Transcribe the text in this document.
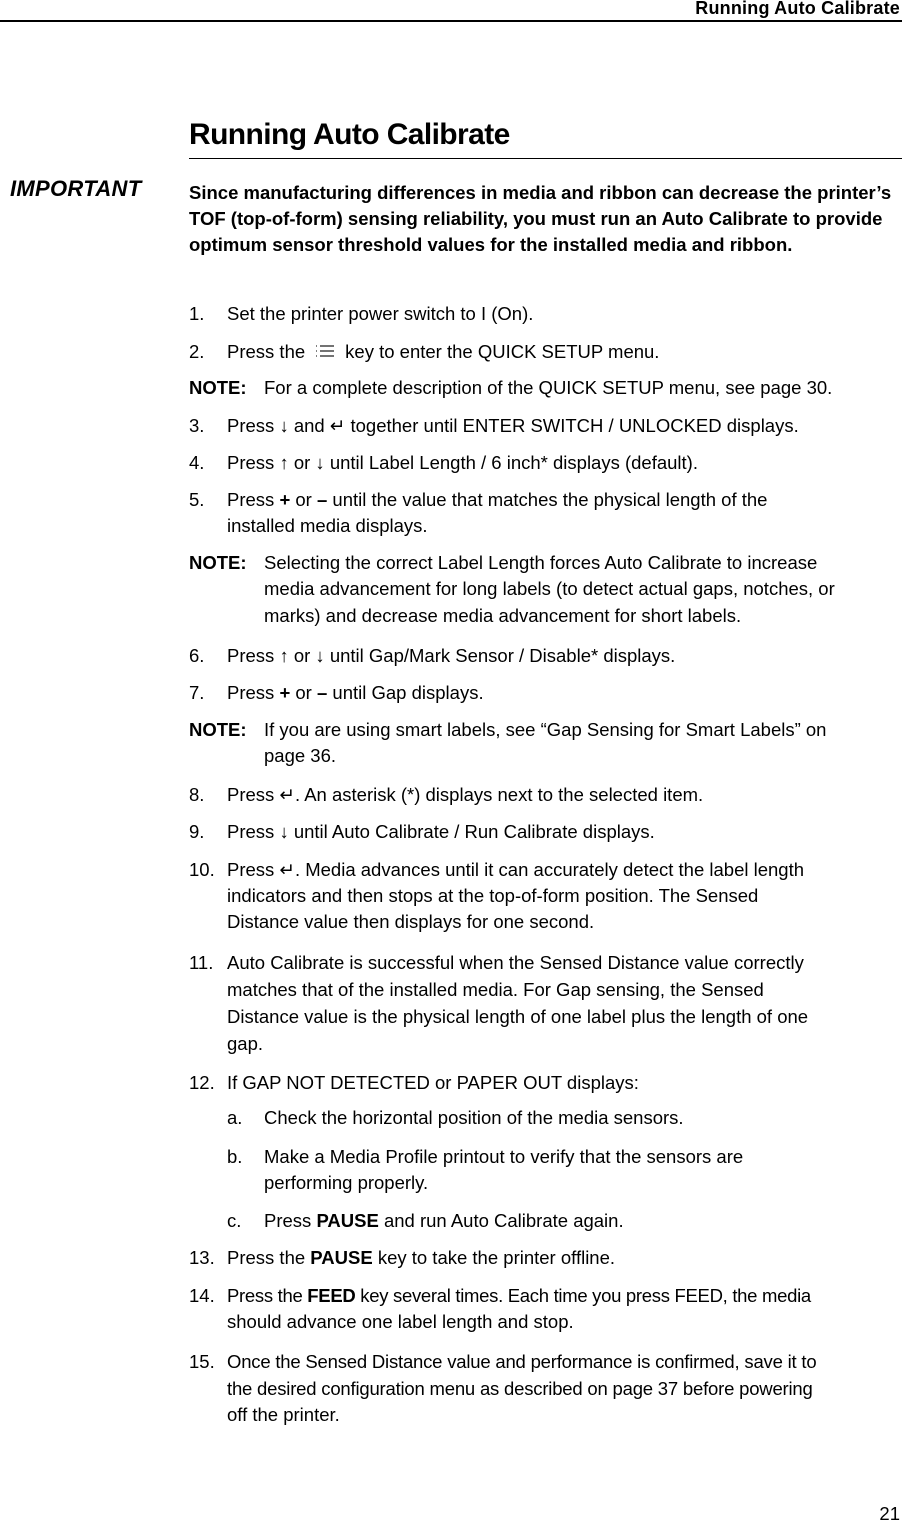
Running Auto Calibrate
Running Auto Calibrate
IMPORTANT	Since manufacturing differences in media and ribbon can decrease the printer’s TOF (top-of-form) sensing reliability, you must run an Auto Calibrate to provide optimum sensor threshold values for the installed media and ribbon.
1. Set the printer power switch to I (On).
2. Press the key to enter the QUICK SETUP menu.
NOTE: For a complete description of the QUICK SETUP menu, see page 30.
3. Press ↓ and ↵ together until ENTER SWITCH / UNLOCKED displays.
4. Press ↑ or ↓ until Label Length / 6 inch* displays (default).
5. Press + or – until the value that matches the physical length of the
installed media displays.
NOTE: Selecting the correct Label Length forces Auto Calibrate to increase
media advancement for long labels (to detect actual gaps, notches, or
marks) and decrease media advancement for short labels.
6. Press ↑ or ↓ until Gap/Mark Sensor / Disable* displays.
7. Press + or – until Gap displays.
NOTE: If you are using smart labels, see “Gap Sensing for Smart Labels” on
page 36.
8. Press ↵. An asterisk (*) displays next to the selected item.
9. Press ↓ until Auto Calibrate / Run Calibrate displays.
10. Press ↵. Media advances until it can accurately detect the label length
indicators and then stops at the top-of-form position. The Sensed
Distance value then displays for one second.
11. Auto Calibrate is successful when the Sensed Distance value correctly
matches that of the installed media. For Gap sensing, the Sensed
Distance value is the physical length of one label plus the length of one
gap.
12. If GAP NOT DETECTED or PAPER OUT displays:
a. Check the horizontal position of the media sensors.
b. Make a Media Profile printout to verify that the sensors are
performing properly.
c. Press PAUSE and run Auto Calibrate again.
13. Press the PAUSE key to take the printer offline.
14. Press the FEED key several times. Each time you press FEED, the media
should advance one label length and stop.
15. Once the Sensed Distance value and performance is confirmed, save it to
the desired configuration menu as described on page 37 before powering
off the printer.
21
